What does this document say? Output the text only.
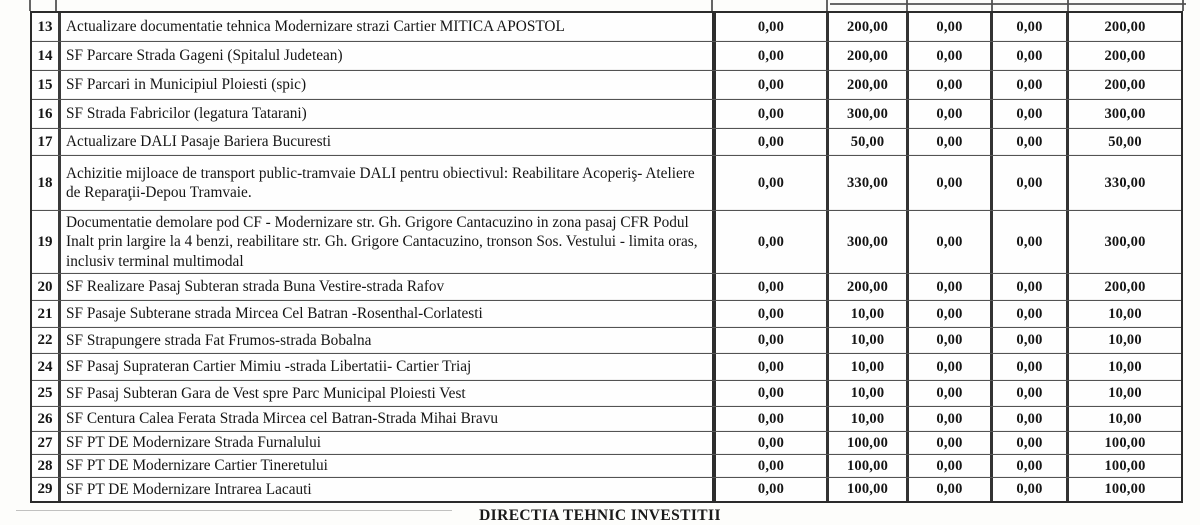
13 Actualizare documentatie tehnica Modernizare strazi Cartier MITICA APOSTOL	0,00	200,00	0,00	0,00	200,00
14 SF Parcare Strada Gageni (Spitalul Judetean)	0,00	200,00	0,00	0,00	200,00
15 SF Parcari in Municipiul Ploiesti (spic)	0,00	200,00	0,00	0,00	200,00
16 SF Strada Fabricilor (legatura Tatarani)	0,00	300,00	0,00	0,00	300,00
17 Actualizare DALI Pasaje Bariera Bucuresti	0,00	50,00	0,00	0,00	50,00
18
Achizitie mijloace de transport public-tramvaie DALI pentru obiectivul: Reabilitare Acoperiş- Ateliere de Reparaţii-Depou Tramvaie.
0,00	330,00	0,00	0,00	330,00
19
Documentatie demolare pod CF - Modernizare str. Gh. Grigore Cantacuzino in zona pasaj CFR Podul Inalt prin largire la 4 benzi, reabilitare str. Gh. Grigore Cantacuzino, tronson Sos. Vestului - limita oras, inclusiv terminal multimodal
0,00	300,00	0,00	0,00	300,00
20 SF Realizare Pasaj Subteran strada Buna Vestire-strada Rafov	0,00	200,00	0,00	0,00	200,00
21 SF Pasaje Subterane strada Mircea Cel Batran -Rosenthal-Corlatesti	0,00	10,00	0,00	0,00	10,00
22 SF Strapungere strada Fat Frumos-strada Bobalna	0,00	10,00	0,00	0,00	10,00
24 SF Pasaj Suprateran Cartier Mimiu -strada Libertatii- Cartier Triaj	0,00	10,00	0,00	0,00	10,00
25 SF Pasaj Subteran Gara de Vest spre Parc Municipal Ploiesti Vest	0,00	10,00	0,00	0,00	10,00
26 SF Centura Calea Ferata Strada Mircea cel Batran-Strada Mihai Bravu	0,00	10,00	0,00	0,00	10,00
27 SF PT DE Modernizare Strada Furnalului	0,00	100,00	0,00	0,00	100,00
28 SF PT DE Modernizare Cartier Tineretului	0,00	100,00	0,00	0,00	100,00
29 SF PT DE Modernizare Intrarea Lacauti	0,00	100,00	0,00	0,00	100,00
DIRECTIA TEHNIC INVESTITII
